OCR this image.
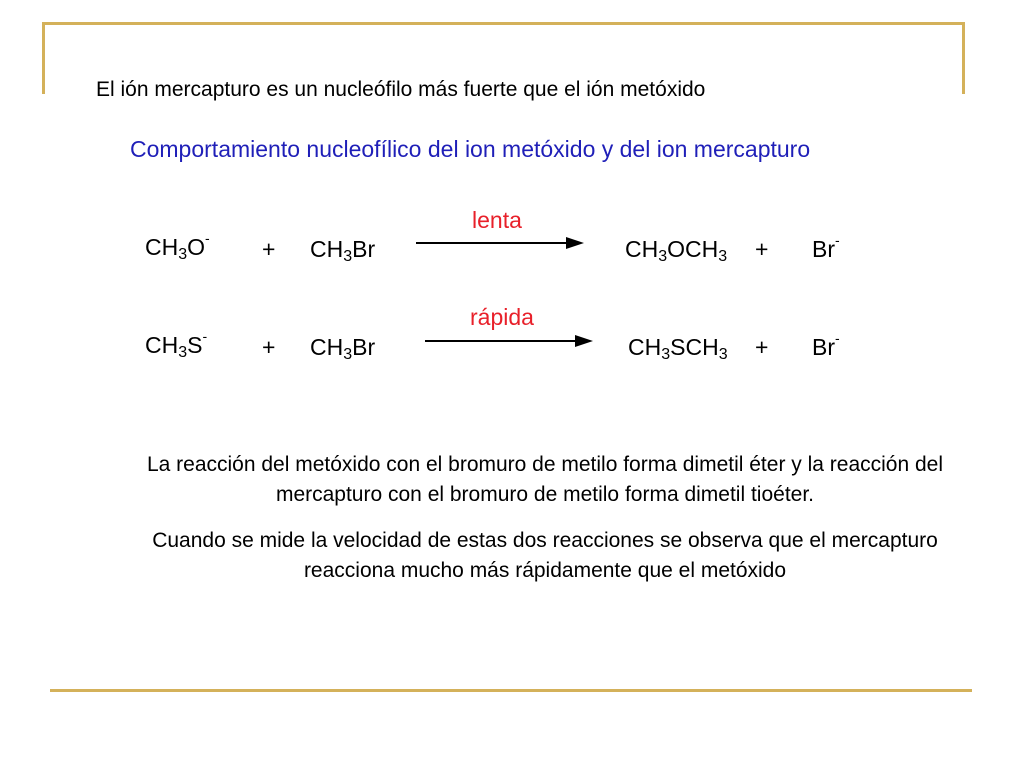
El ión mercapturo es un nucleófilo más fuerte que el ión metóxido
Comportamiento nucleofílico del ion metóxido y del ion mercapturo
$CH_3O^- + CH_3Br$
lenta
$CH_3OCH_3 + Br^-$
$CH_3S^- + CH_3Br$
rápida
$CH_3SCH_3 + Br^-$
La reacción del metóxido con el bromuro de metilo forma dimetil éter y la reacción del mercapturo con el bromuro de metilo forma dimetil tioéter.
Cuando se mide la velocidad de estas dos reacciones se observa que el mercapturo reacciona mucho más rápidamente que el metóxido
